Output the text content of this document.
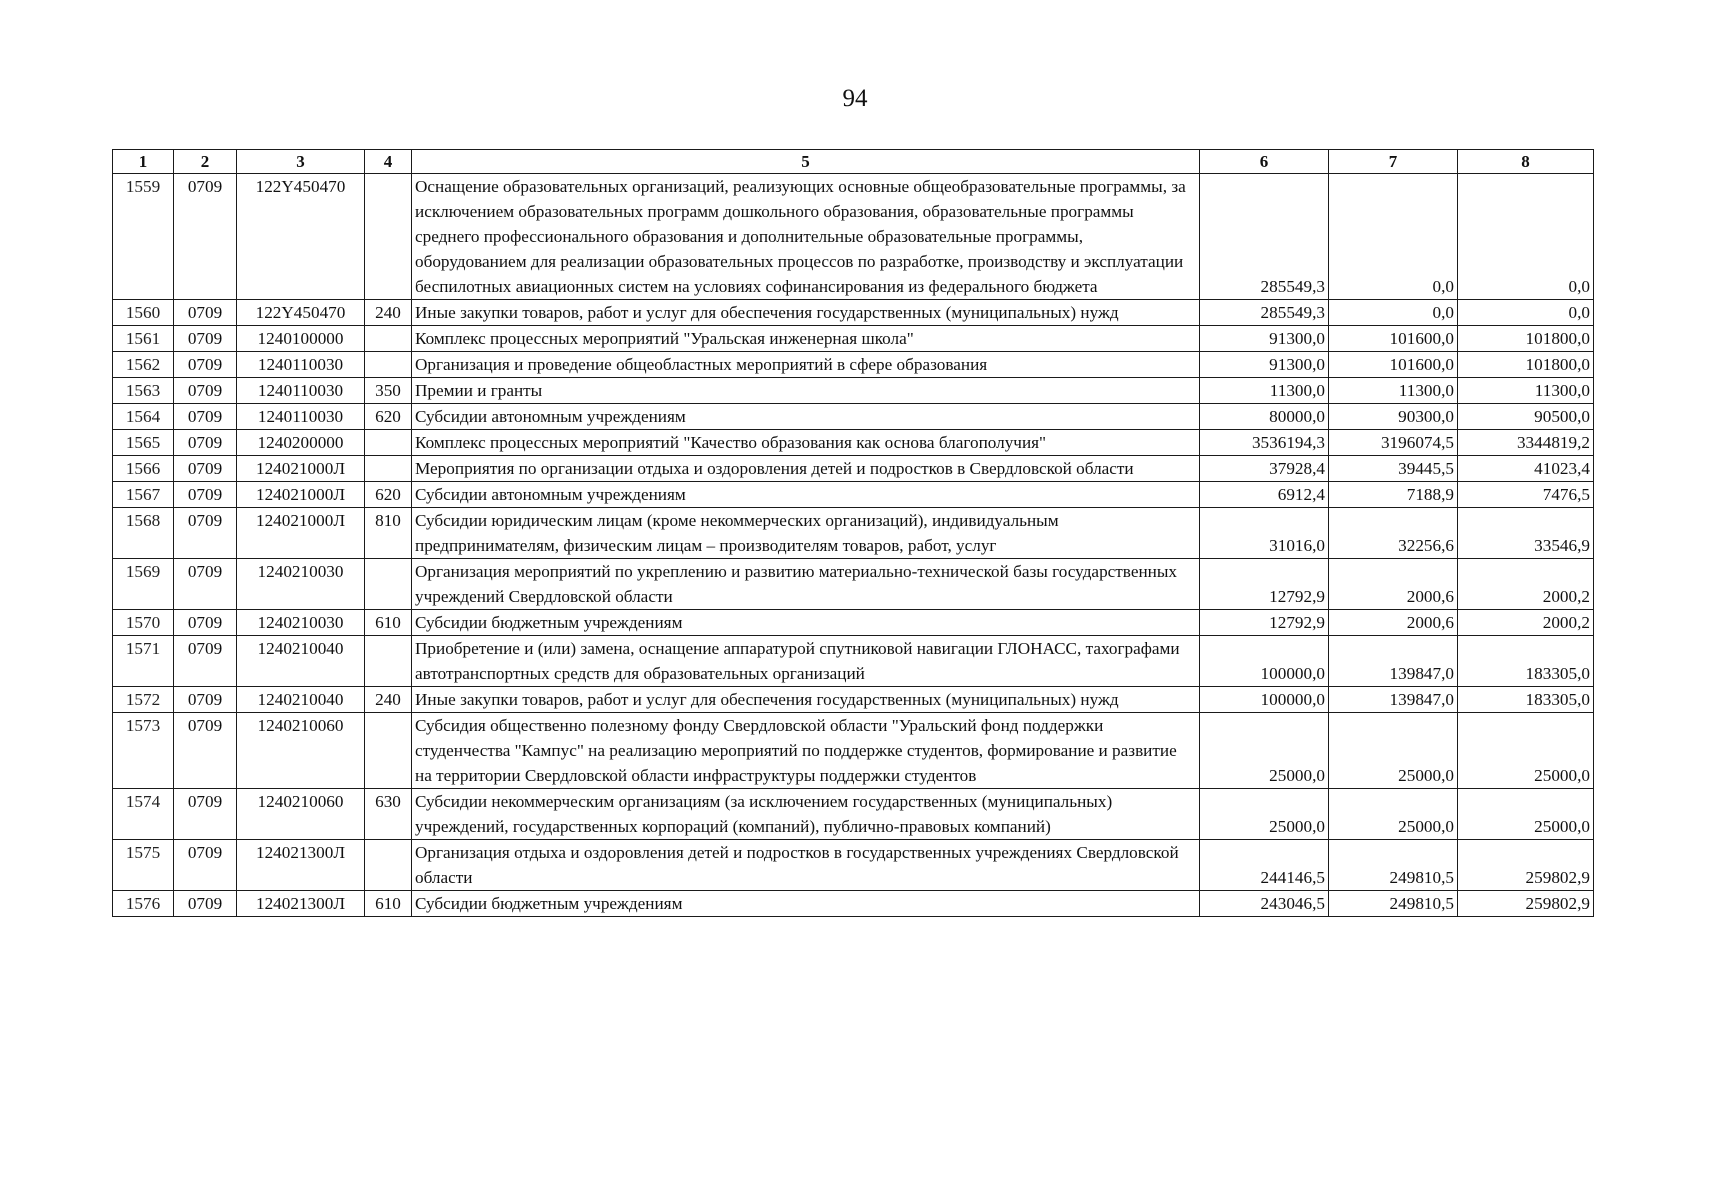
94
1	2	3	4	5	6	7	8
1559	0709	122Y450470		Оснащение образовательных организаций, реализующих основные общеобразовательные программы, за исключением образовательных программ дошкольного образования, образовательные программы среднего профессионального образования и дополнительные образовательные программы, оборудованием для реализации образовательных процессов по разработке, производству и эксплуатации беспилотных авиационных систем на условиях софинансирования из федерального бюджета	285549,3	0,0	0,0
1560	0709	122Y450470	240	Иные закупки товаров, работ и услуг для обеспечения государственных (муниципальных) нужд	285549,3	0,0	0,0
1561	0709	1240100000		Комплекс процессных мероприятий "Уральская инженерная школа"	91300,0	101600,0	101800,0
1562	0709	1240110030		Организация и проведение общеобластных мероприятий в сфере образования	91300,0	101600,0	101800,0
1563	0709	1240110030	350	Премии и гранты	11300,0	11300,0	11300,0
1564	0709	1240110030	620	Субсидии автономным учреждениям	80000,0	90300,0	90500,0
1565	0709	1240200000		Комплекс процессных мероприятий "Качество образования как основа благополучия"	3536194,3	3196074,5	3344819,2
1566	0709	124021000Л		Мероприятия по организации отдыха и оздоровления детей и подростков в Свердловской области	37928,4	39445,5	41023,4
1567	0709	124021000Л	620	Субсидии автономным учреждениям	6912,4	7188,9	7476,5
1568	0709	124021000Л	810	Субсидии юридическим лицам (кроме некоммерческих организаций), индивидуальным предпринимателям, физическим лицам – производителям товаров, работ, услуг	31016,0	32256,6	33546,9
1569	0709	1240210030		Организация мероприятий по укреплению и развитию материально-технической базы государственных учреждений Свердловской области	12792,9	2000,6	2000,2
1570	0709	1240210030	610	Субсидии бюджетным учреждениям	12792,9	2000,6	2000,2
1571	0709	1240210040		Приобретение и (или) замена, оснащение аппаратурой спутниковой навигации ГЛОНАСС, тахографами автотранспортных средств для образовательных организаций	100000,0	139847,0	183305,0
1572	0709	1240210040	240	Иные закупки товаров, работ и услуг для обеспечения государственных (муниципальных) нужд	100000,0	139847,0	183305,0
1573	0709	1240210060		Субсидия общественно полезному фонду Свердловской области "Уральский фонд поддержки студенчества "Кампус" на реализацию мероприятий по поддержке студентов, формирование и развитие на территории Свердловской области инфраструктуры поддержки студентов	25000,0	25000,0	25000,0
1574	0709	1240210060	630	Субсидии некоммерческим организациям (за исключением государственных (муниципальных) учреждений, государственных корпораций (компаний), публично-правовых компаний)	25000,0	25000,0	25000,0
1575	0709	124021300Л		Организация отдыха и оздоровления детей и подростков в государственных учреждениях Свердловской области	244146,5	249810,5	259802,9
1576	0709	124021300Л	610	Субсидии бюджетным учреждениям	243046,5	249810,5	259802,9
